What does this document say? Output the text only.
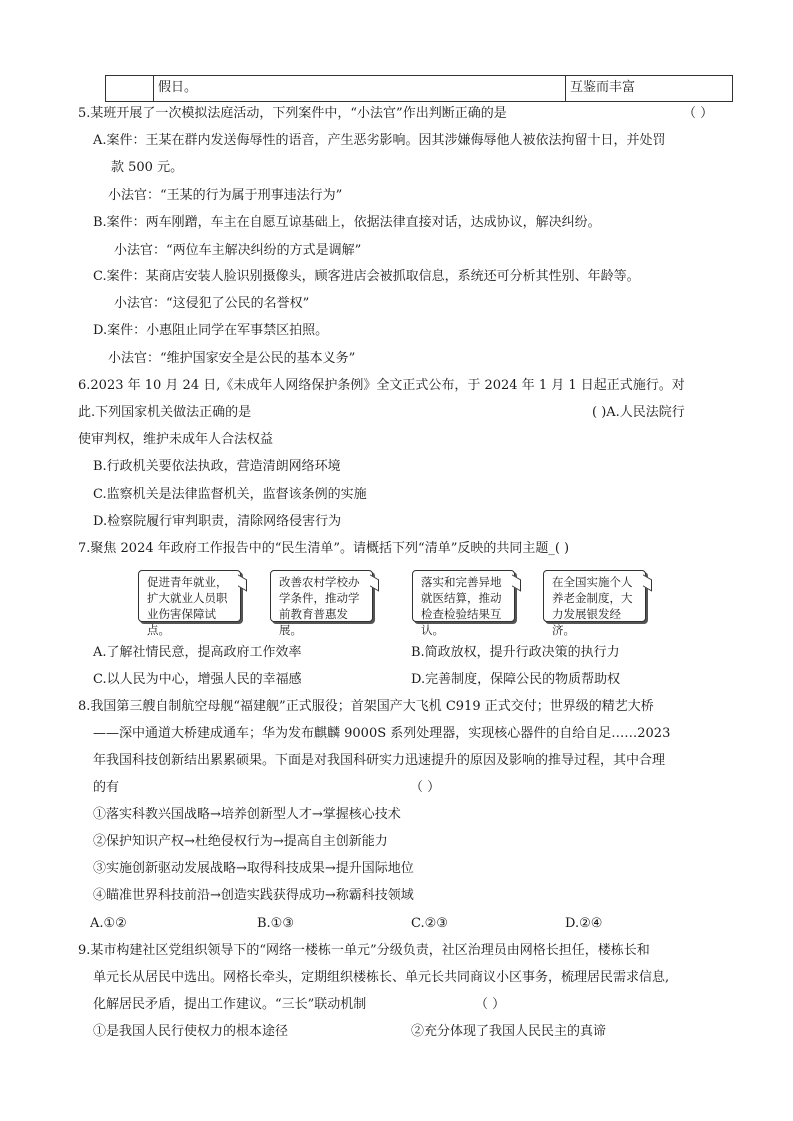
假日。	互鉴而丰富
5.某班开展了一次模拟法庭活动，下列案件中，“小法官”作出判断正确的是	（ ）
A.案件：王某在群内发送侮辱性的语音，产生恶劣影响。因其涉嫌侮辱他人被依法拘留十日，并处罚
款 500 元。
小法官：“王某的行为属于刑事违法行为”
B.案件：两车刚蹭，车主在自愿互谅基础上，依据法律直接对话，达成协议，解决纠纷。
小法官：“两位车主解决纠纷的方式是调解”
C.案件：某商店安装人脸识别摄像头，顾客进店会被抓取信息，系统还可分析其性别、年龄等。
小法官：“这侵犯了公民的名誉权”
D.案件：小惠阻止同学在军事禁区拍照。
小法官：“维护国家安全是公民的基本义务”
6.2023 年 10 月 24 日,《未成年人网络保护条例》全文正式公布，于 2024 年 1 月 1 日起正式施行。对
此.下列国家机关做法正确的是	( )A.人民法院行
使审判权，维护未成年人合法权益
B.行政机关要依法执政，营造清朗网络环境
C.监察机关是法律监督机关，监督该条例的实施
D.检察院履行审判职责，清除网络侵害行为
7.聚焦 2024 年政府工作报告中的“民生清单”。请概括下列“清单”反映的共同主题_( )
促进青年就业，扩大就业人员职业伤害保障试点。
改善农村学校办学条件，推动学前教育普惠发展。
落实和完善异地就医结算，推动检查检验结果互认。
在全国实施个人养老金制度，大力发展银发经济。
A.了解社情民意，提高政府工作效率	B.简政放权，提升行政决策的执行力
C.以人民为中心，增强人民的幸福感	D.完善制度，保障公民的物质帮助权
8.我国第三艘自制航空母舰“福建舰”正式服役；首架国产大飞机 C919 正式交付；世界级的精艺大桥
——深中通道大桥建成通车；华为发布麒麟 9000S 系列处理器，实现核心器件的自给自足……2023
年我国科技创新结出累累硕果。下面是对我国科研实力迅速提升的原因及影响的推导过程，其中合理
的有	（ ）
①落实科教兴国战略→培养创新型人才→掌握核心技术
②保护知识产权→杜绝侵权行为→提高自主创新能力
③实施创新驱动发展战略→取得科技成果→提升国际地位
④瞄准世界科技前沿→创造实践获得成功→称霸科技领域
A.①②	B.①③	C.②③	D.②④
9.某市构建社区党组织领导下的“网络一楼栋一单元”分级负责，社区治理员由网格长担任，楼栋长和
单元长从居民中选出。网格长牵头，定期组织楼栋长、单元长共同商议小区事务，梳理居民需求信息,
化解居民矛盾，提出工作建议。“三长”联动机制	（ ）
①是我国人民行使权力的根本途径	②充分体现了我国人民民主的真谛
